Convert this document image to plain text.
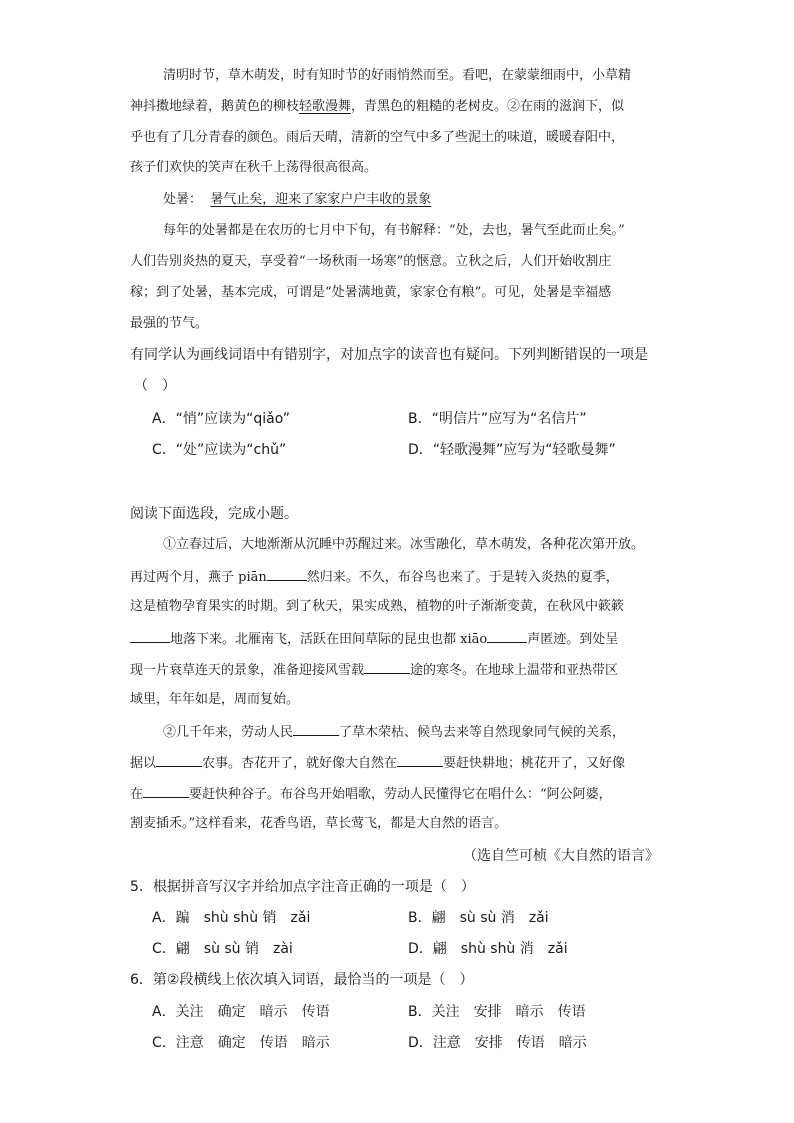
清明时节，草木萌发，时有知时节的好雨悄然而至。看吧，在蒙蒙细雨中，小草精
神抖擞地绿着，鹅黄色的柳枝轻歌漫舞，青黑色的粗糙的老树皮。②在雨的滋润下，似
乎也有了几分青春的颜色。雨后天晴，清新的空气中多了些泥土的味道，暖暖春阳中，
孩子们欢快的笑声在秋千上荡得很高很高。
处暑： 暑气止矣，迎来了家家户户丰收的景象
每年的处暑都是在农历的七月中下旬，有书解释：“处，去也，暑气至此而止矣。”
人们告别炎热的夏天，享受着“一场秋雨一场寒”的惬意。立秋之后，人们开始收割庄
稼；到了处暑，基本完成，可谓是“处暑满地黄，家家仓有粮”。可见，处暑是幸福感
最强的节气。
有同学认为画线词语中有错别字，对加点字的读音也有疑问。下列判断错误的一项是
（　）
A．“悄”应读为“qiǎo”	B．“明信片”应写为“名信片”
C．“处”应读为“chǔ”	D．“轻歌漫舞”应写为“轻歌曼舞”
阅读下面选段，完成小题。
①立春过后，大地渐渐从沉睡中苏醒过来。冰雪融化，草木萌发，各种花次第开放。
再过两个月，燕子 piān	然归来。不久，布谷鸟也来了。于是转入炎热的夏季，
这是植物孕育果实的时期。到了秋天，果实成熟，植物的叶子渐渐变黄，在秋风中簌簌
地落下来。北雁南飞，活跃在田间草际的昆虫也都 xiāo	声匿迹。到处呈
现一片衰草连天的景象，准备迎接风雪载	途的寒冬。在地球上温带和亚热带区
域里，年年如是，周而复始。
②几千年来，劳动人民	了草木荣枯、候鸟去来等自然现象同气候的关系，
据以	农事。杏花开了，就好像大自然在	要赶快耕地；桃花开了，又好像
在	要赶快种谷子。布谷鸟开始唱歌，劳动人民懂得它在唱什么：“阿公阿婆，
割麦插禾。”这样看来，花香鸟语，草长莺飞，都是大自然的语言。
（选自竺可桢《大自然的语言》
5．根据拼音写汉字并给加点字注音正确的一项是（　）
A．蹁　shù shù 销　zǎi	B．翩　sù sù 消　zǎi
C．翩　sù sù 销　zài	D．翩　shù shù 消　zǎi
6．第②段横线上依次填入词语，最恰当的一项是（　）
A．关注　确定　暗示　传语	B．关注　安排　暗示　传语
C．注意　确定　传语　暗示	D．注意　安排　传语　暗示
